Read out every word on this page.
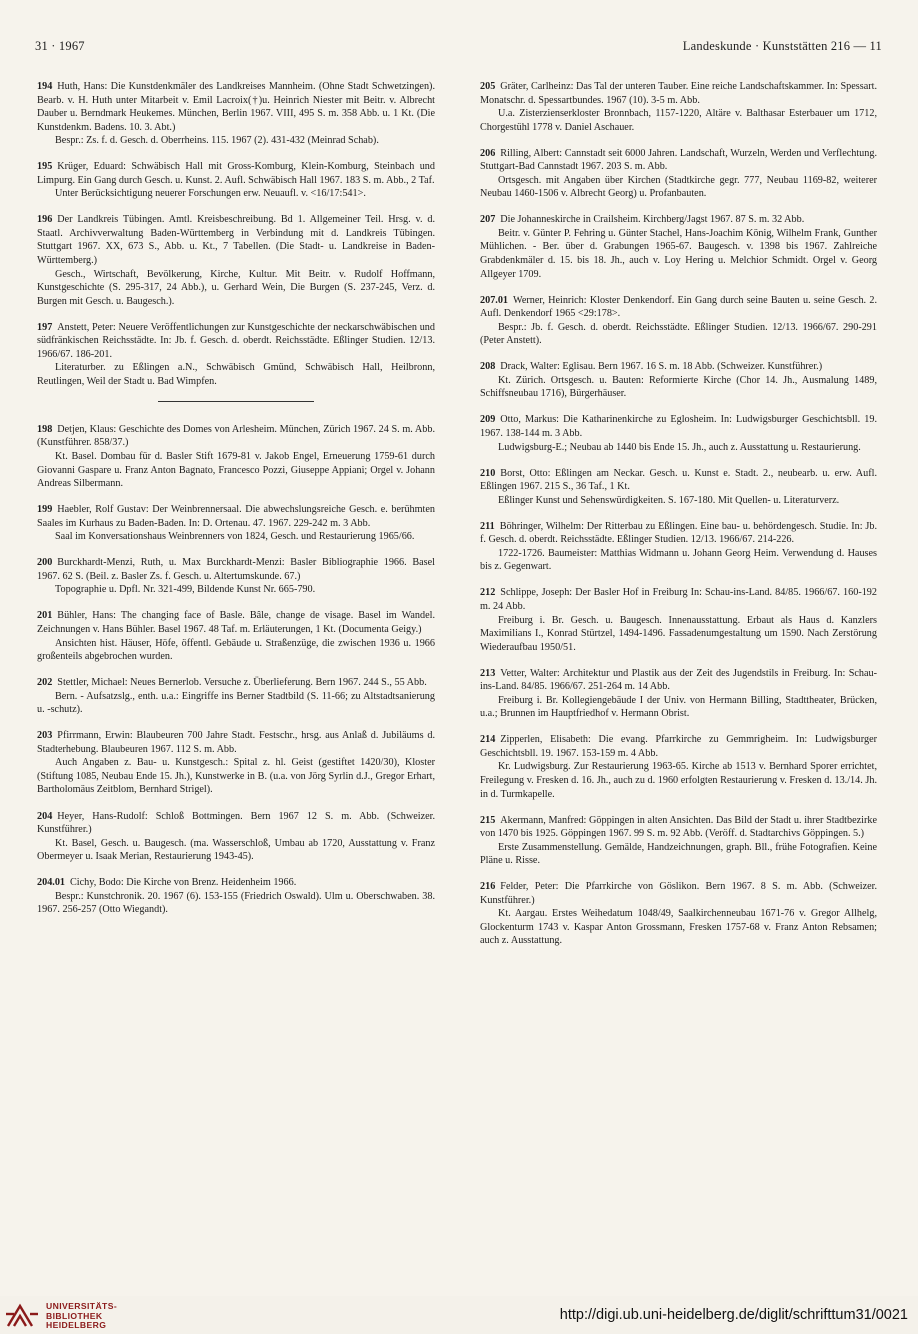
31 · 1967	Landeskunde · Kunststätten 216 — 11

194 Huth, Hans: Die Kunstdenkmäler des Landkreises Mannheim. (Ohne Stadt Schwetzingen). Bearb. v. H. Huth unter Mitarbeit v. Emil Lacroix(†)u. Heinrich Niester mit Beitr. v. Albrecht Dauber u. Berndmark Heukemes. München, Berlin 1967. VIII, 495 S. m. 358 Abb. u. 1 Kt. (Die Kunstdenkm. Badens. 10. 3. Abt.)

Bespr.: Zs. f. d. Gesch. d. Oberrheins. 115. 1967 (2). 431-432 (Meinrad Schab).

195 Krüger, Eduard: Schwäbisch Hall mit Gross-Komburg, Klein-Komburg, Steinbach und Limpurg. Ein Gang durch Gesch. u. Kunst. 2. Aufl. Schwäbisch Hall 1967. 183 S. m. Abb., 2 Taf.

Unter Berücksichtigung neuerer Forschungen erw. Neuaufl. v. <16/17:541>.

196 Der Landkreis Tübingen. Amtl. Kreisbeschreibung. Bd 1. Allgemeiner Teil. Hrsg. v. d. Staatl. Archivverwaltung Baden-Württemberg in Verbindung mit d. Landkreis Tübingen. Stuttgart 1967. XX, 673 S., Abb. u. Kt., 7 Tabellen. (Die Stadt- u. Landkreise in Baden-Württemberg.)

Gesch., Wirtschaft, Bevölkerung, Kirche, Kultur. Mit Beitr. v. Rudolf Hoffmann, Kunstgeschichte (S. 295-317, 24 Abb.), u. Gerhard Wein, Die Burgen (S. 237-245, Verz. d. Burgen mit Gesch. u. Baugesch.).

197 Anstett, Peter: Neuere Veröffentlichungen zur Kunstgeschichte der neckarschwäbischen und südfränkischen Reichsstädte. In: Jb. f. Gesch. d. oberdt. Reichsstädte. Eßlinger Studien. 12/13. 1966/67. 186-201.

Literaturber. zu Eßlingen a.N., Schwäbisch Gmünd, Schwäbisch Hall, Heilbronn, Reutlingen, Weil der Stadt u. Bad Wimpfen.

198 Detjen, Klaus: Geschichte des Domes von Arlesheim. München, Zürich 1967. 24 S. m. Abb. (Kunstführer. 858/37.)

Kt. Basel. Dombau für d. Basler Stift 1679-81 v. Jakob Engel, Erneuerung 1759-61 durch Giovanni Gaspare u. Franz Anton Bagnato, Francesco Pozzi, Giuseppe Appiani; Orgel v. Johann Andreas Silbermann.

199 Haebler, Rolf Gustav: Der Weinbrennersaal. Die abwechslungsreiche Gesch. e. berühmten Saales im Kurhaus zu Baden-Baden. In: D. Ortenau. 47. 1967. 229-242 m. 3 Abb.

Saal im Konversationshaus Weinbrenners von 1824, Gesch. und Restaurierung 1965/66.

200 Burckhardt-Menzi, Ruth, u. Max Burckhardt-Menzi: Basler Bibliographie 1966. Basel 1967. 62 S. (Beil. z. Basler Zs. f. Gesch. u. Altertumskunde. 67.)

Topographie u. Dpfl. Nr. 321-499, Bildende Kunst Nr. 665-790.

201 Bühler, Hans: The changing face of Basle. Bâle, change de visage. Basel im Wandel. Zeichnungen v. Hans Bühler. Basel 1967. 48 Taf. m. Erläuterungen, 1 Kt. (Documenta Geigy.)

Ansichten hist. Häuser, Höfe, öffentl. Gebäude u. Straßenzüge, die zwischen 1936 u. 1966 großenteils abgebrochen wurden.

202 Stettler, Michael: Neues Bernerlob. Versuche z. Überlieferung. Bern 1967. 244 S., 55 Abb.

Bern. - Aufsatzslg., enth. u.a.: Eingriffe ins Berner Stadtbild (S. 11-66; zu Altstadtsanierung u. -schutz).

203 Pfirrmann, Erwin: Blaubeuren 700 Jahre Stadt. Festschr., hrsg. aus Anlaß d. Jubiläums d. Stadterhebung. Blaubeuren 1967. 112 S. m. Abb.

Auch Angaben z. Bau- u. Kunstgesch.: Spital z. hl. Geist (gestiftet 1420/30), Kloster (Stiftung 1085, Neubau Ende 15. Jh.), Kunstwerke in B. (u.a. von Jörg Syrlin d.J., Gregor Erhart, Bartholomäus Zeitblom, Bernhard Strigel).

204 Heyer, Hans-Rudolf: Schloß Bottmingen. Bern 1967 12 S. m. Abb. (Schweizer. Kunstführer.)

Kt. Basel, Gesch. u. Baugesch. (ma. Wasserschloß, Umbau ab 1720, Ausstattung v. Franz Obermeyer u. Isaak Merian, Restaurierung 1943-45).

204.01 Cichy, Bodo: Die Kirche von Brenz. Heidenheim 1966.

Bespr.: Kunstchronik. 20. 1967 (6). 153-155 (Friedrich Oswald). Ulm u. Oberschwaben. 38. 1967. 256-257 (Otto Wiegandt).

205 Gräter, Carlheinz: Das Tal der unteren Tauber. Eine reiche Landschaftskammer. In: Spessart. Monatschr. d. Spessartbundes. 1967 (10). 3-5 m. Abb.

U.a. Zisterzienserkloster Bronnbach, 1157-1220, Altäre v. Balthasar Esterbauer um 1712, Chorgestühl 1778 v. Daniel Aschauer.

206 Rilling, Albert: Cannstadt seit 6000 Jahren. Landschaft, Wurzeln, Werden und Verflechtung. Stuttgart-Bad Cannstadt 1967. 203 S. m. Abb.

Ortsgesch. mit Angaben über Kirchen (Stadtkirche gegr. 777, Neubau 1169-82, weiterer Neubau 1460-1506 v. Albrecht Georg) u. Profanbauten.

207 Die Johanneskirche in Crailsheim. Kirchberg/Jagst 1967. 87 S. m. 32 Abb.

Beitr. v. Günter P. Fehring u. Günter Stachel, Hans-Joachim König, Wilhelm Frank, Gunther Mühlichen. - Ber. über d. Grabungen 1965-67. Baugesch. v. 1398 bis 1967. Zahlreiche Grabdenkmäler d. 15. bis 18. Jh., auch v. Loy Hering u. Melchior Schmidt. Orgel v. Georg Allgeyer 1709.

207.01 Werner, Heinrich: Kloster Denkendorf. Ein Gang durch seine Bauten u. seine Gesch. 2. Aufl. Denkendorf 1965 <29:178>.

Bespr.: Jb. f. Gesch. d. oberdt. Reichsstädte. Eßlinger Studien. 12/13. 1966/67. 290-291 (Peter Anstett).

208 Drack, Walter: Eglisau. Bern 1967. 16 S. m. 18 Abb. (Schweizer. Kunstführer.)

Kt. Zürich. Ortsgesch. u. Bauten: Reformierte Kirche (Chor 14. Jh., Ausmalung 1489, Schiffsneubau 1716), Bürgerhäuser.

209 Otto, Markus: Die Katharinenkirche zu Eglosheim. In: Ludwigsburger Geschichtsbll. 19. 1967. 138-144 m. 3 Abb.

Ludwigsburg-E.; Neubau ab 1440 bis Ende 15. Jh., auch z. Ausstattung u. Restaurierung.

210 Borst, Otto: Eßlingen am Neckar. Gesch. u. Kunst e. Stadt. 2., neubearb. u. erw. Aufl. Eßlingen 1967. 215 S., 36 Taf., 1 Kt.

Eßlinger Kunst und Sehenswürdigkeiten. S. 167-180. Mit Quellen- u. Literaturverz.

211 Böhringer, Wilhelm: Der Ritterbau zu Eßlingen. Eine bau- u. behördengesch. Studie. In: Jb. f. Gesch. d. oberdt. Reichsstädte. Eßlinger Studien. 12/13. 1966/67. 214-226.

1722-1726. Baumeister: Matthias Widmann u. Johann Georg Heim. Verwendung d. Hauses bis z. Gegenwart.

212 Schlippe, Joseph: Der Basler Hof in Freiburg In: Schau-ins-Land. 84/85. 1966/67. 160-192 m. 24 Abb.

Freiburg i. Br. Gesch. u. Baugesch. Innenausstattung. Erbaut als Haus d. Kanzlers Maximilians I., Konrad Stürtzel, 1494-1496. Fassadenumgestaltung um 1590. Nach Zerstörung Wiederaufbau 1950/51.

213 Vetter, Walter: Architektur und Plastik aus der Zeit des Jugendstils in Freiburg. In: Schau-ins-Land. 84/85. 1966/67. 251-264 m. 14 Abb.

Freiburg i. Br. Kollegiengebäude I der Univ. von Hermann Billing, Stadttheater, Brücken, u.a.; Brunnen im Hauptfriedhof v. Hermann Obrist.

214 Zipperlen, Elisabeth: Die evang. Pfarrkirche zu Gemmrigheim. In: Ludwigsburger Geschichtsbll. 19. 1967. 153-159 m. 4 Abb.

Kr. Ludwigsburg. Zur Restaurierung 1963-65. Kirche ab 1513 v. Bernhard Sporer errichtet, Freilegung v. Fresken d. 16. Jh., auch zu d. 1960 erfolgten Restaurierung v. Fresken d. 13./14. Jh. in d. Turmkapelle.

215 Akermann, Manfred: Göppingen in alten Ansichten. Das Bild der Stadt u. ihrer Stadtbezirke von 1470 bis 1925. Göppingen 1967. 99 S. m. 92 Abb. (Veröff. d. Stadtarchivs Göppingen. 5.)

Erste Zusammenstellung. Gemälde, Handzeichnungen, graph. Bll., frühe Fotografien. Keine Pläne u. Risse.

216 Felder, Peter: Die Pfarrkirche von Göslikon. Bern 1967. 8 S. m. Abb. (Schweizer. Kunstführer.)

Kt. Aargau. Erstes Weihedatum 1048/49, Saalkirchenneubau 1671-76 v. Gregor Allhelg, Glockenturm 1743 v. Kaspar Anton Grossmann, Fresken 1757-68 v. Franz Anton Rebsamen; auch z. Ausstattung.

UNIVERSITÄTS-
BIBLIOTHEK
HEIDELBERG
http://digi.ub.uni-heidelberg.de/diglit/schrifttum31/0021
